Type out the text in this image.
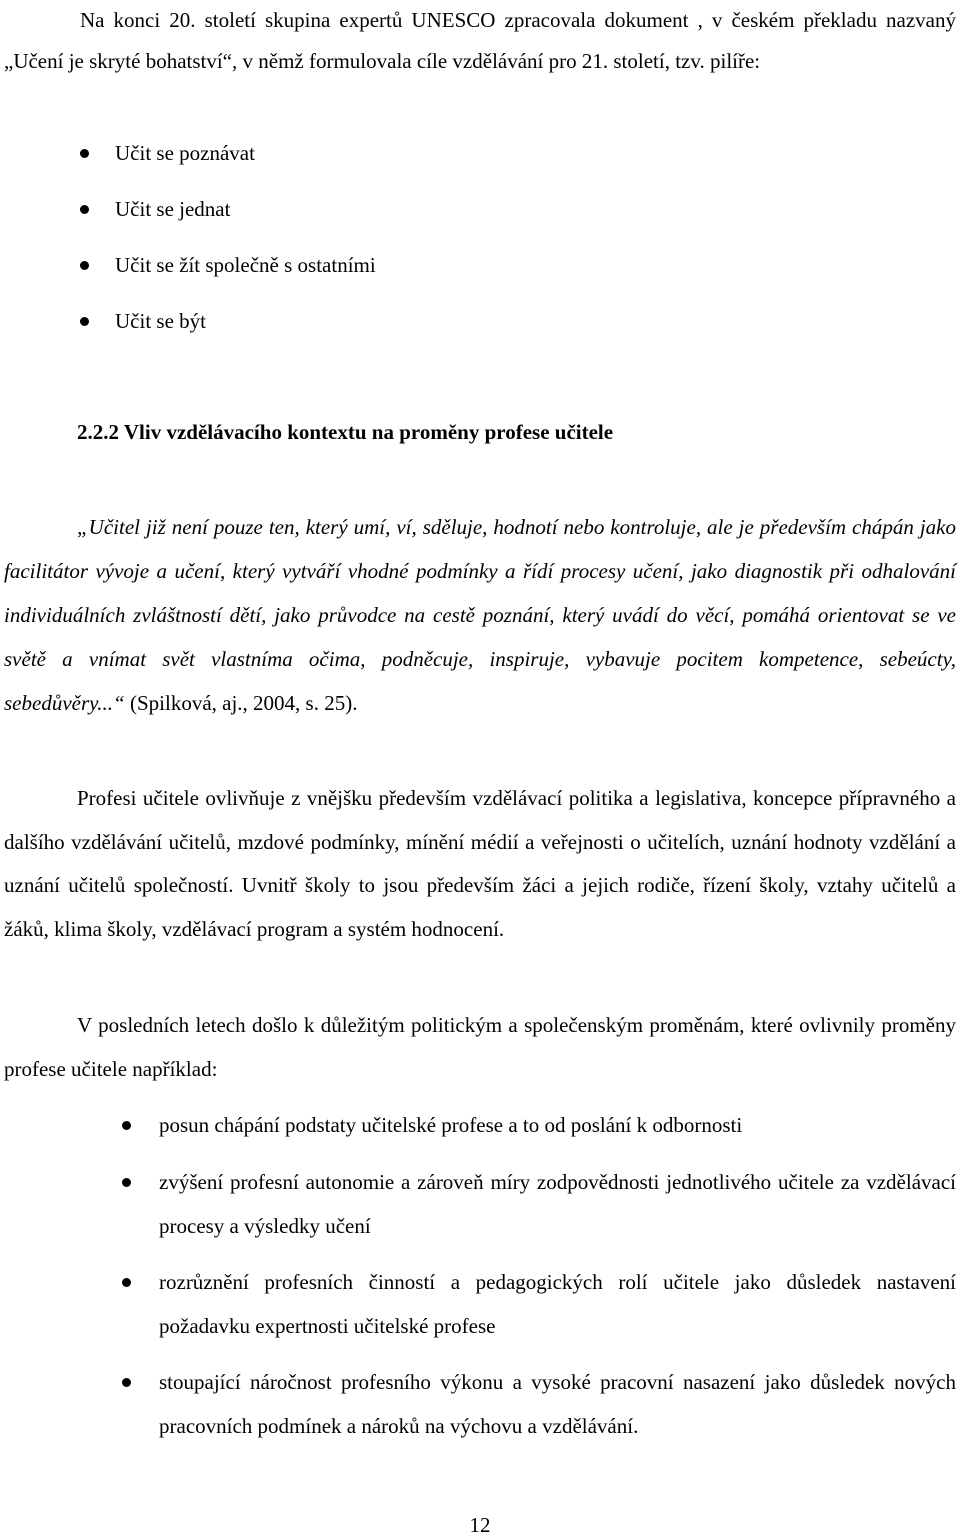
Na konci 20. století skupina expertů UNESCO zpracovala dokument , v českém překladu nazvaný „Učení je skryté bohatství“, v němž formulovala cíle vzdělávání pro 21. století, tzv. pilíře:

Učit se poznávat
Učit se jednat
Učit se žít společně s ostatními
Učit se být
2.2.2 Vliv vzdělávacího kontextu na proměny profese učitele

„Učitel již není pouze ten, který umí, ví, sděluje, hodnotí nebo kontroluje, ale je především chápán jako facilitátor vývoje a učení, který vytváří vhodné podmínky a řídí procesy učení, jako diagnostik při odhalování individuálních zvláštností dětí, jako průvodce na cestě poznání, který uvádí do věcí, pomáhá orientovat se ve světě a vnímat svět vlastníma očima, podněcuje, inspiruje, vybavuje pocitem kompetence, sebeúcty, sebedůvěry...“ (Spilková, aj., 2004, s. 25).

Profesi učitele ovlivňuje z vnějšku především vzdělávací politika a legislativa, koncepce přípravného a dalšího vzdělávání učitelů, mzdové podmínky, mínění médií a veřejnosti o učitelích, uznání hodnoty vzdělání a uznání učitelů společností. Uvnitř školy to jsou především žáci a jejich rodiče, řízení školy, vztahy učitelů a žáků, klima školy, vzdělávací program a systém hodnocení.

V posledních letech došlo k důležitým politickým a společenským proměnám, které ovlivnily proměny profese učitele například:

posun chápání podstaty učitelské profese a to od poslání k odbornosti
zvýšení profesní autonomie a zároveň míry zodpovědnosti jednotlivého učitele za vzdělávací procesy a výsledky učení
rozrůznění profesních činností a pedagogických rolí učitele jako důsledek nastavení požadavku expertnosti učitelské profese
stoupající náročnost profesního výkonu a vysoké pracovní nasazení jako důsledek nových pracovních podmínek a nároků na výchovu a vzdělávání.
12
